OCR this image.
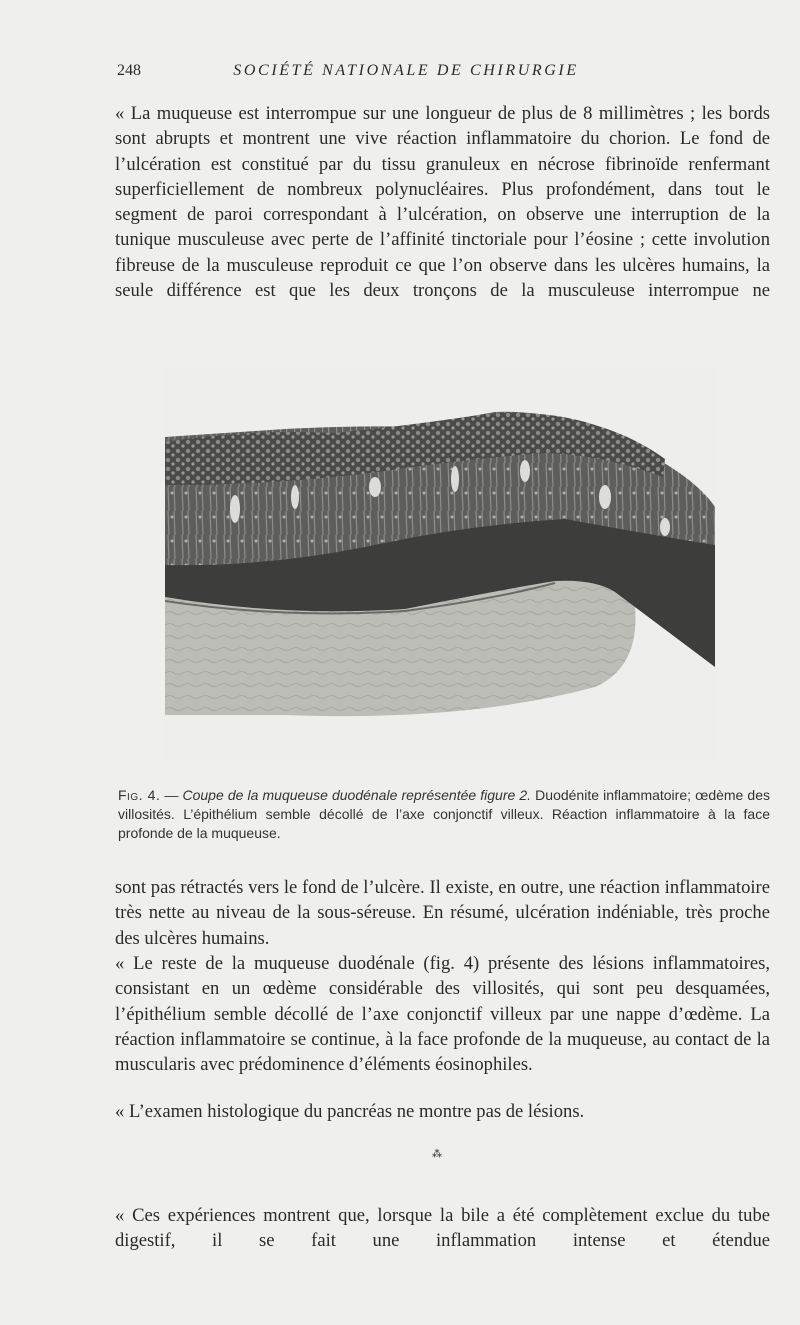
248	SOCIÉTÉ NATIONALE DE CHIRURGIE

« La muqueuse est interrompue sur une longueur de plus de 8 millimètres ; les bords sont abrupts et montrent une vive réaction inflammatoire du chorion. Le fond de l’ulcération est constitué par du tissu granuleux en nécrose fibrinoïde renfermant superficiellement de nombreux polynucléaires. Plus profondément, dans tout le segment de paroi correspondant à l’ulcération, on observe une interruption de la tunique musculeuse avec perte de l’affinité tinctoriale pour l’éosine ; cette involution fibreuse de la musculeuse reproduit ce que l’on observe dans les ulcères humains, la seule différence est que les deux tronçons de la musculeuse interrompue ne

Fig. 4. — Coupe de la muqueuse duodénale représentée figure 2. Duodénite inflammatoire; œdème des villosités. L’épithélium semble décollé de l’axe conjonctif villeux. Réaction inflammatoire à la face profonde de la muqueuse.

sont pas rétractés vers le fond de l’ulcère. Il existe, en outre, une réaction inflammatoire très nette au niveau de la sous-séreuse. En résumé, ulcération indéniable, très proche des ulcères humains.

« Le reste de la muqueuse duodénale (fig. 4) présente des lésions inflammatoires, consistant en un œdème considérable des villosités, qui sont peu desquamées, l’épithélium semble décollé de l’axe conjonctif villeux par une nappe d’œdème. La réaction inflammatoire se continue, à la face profonde de la muqueuse, au contact de la muscularis avec prédominence d’éléments éosinophiles.

« L’examen histologique du pancréas ne montre pas de lésions.

⁂

« Ces expériences montrent que, lorsque la bile a été complètement exclue du tube digestif, il se fait une inflammation intense et étendue
